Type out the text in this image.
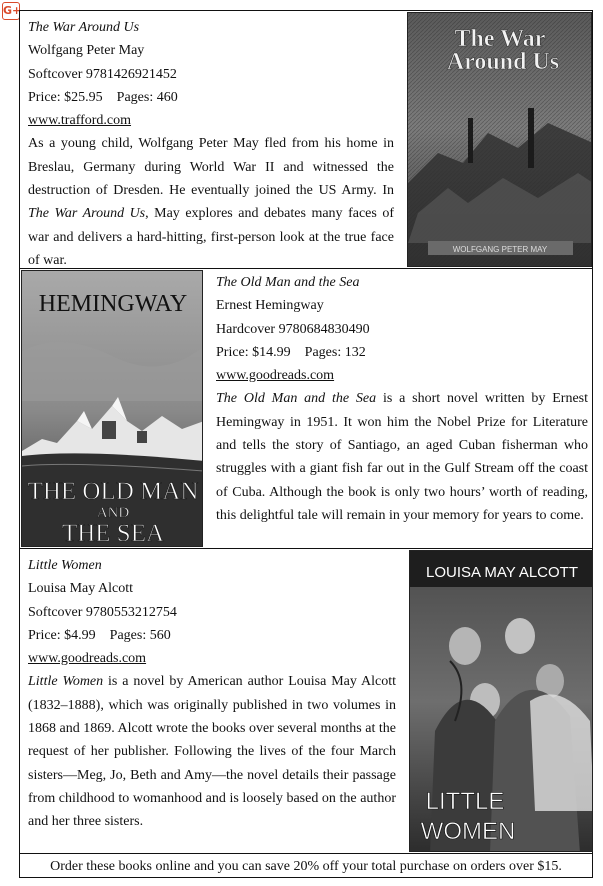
G+

The War Around Us

Wolfgang Peter May

Softcover 9781426921452

Price: $25.95 Pages: 460

www.trafford.com

As a young child, Wolfgang Peter May fled from his home in Breslau, Germany during World War II and witnessed the destruction of Dresden. He eventually joined the US Army. In The War Around Us, May explores and debates many faces of war and delivers a hard-hitting, first-person look at the true face of war.

The War
Around Us
WOLFGANG PETER MAY
HEMINGWAY
THE OLD MAN
AND
THE SEA

The Old Man and the Sea

Ernest Hemingway

Hardcover 9780684830490

Price: $14.99 Pages: 132

www.goodreads.com

The Old Man and the Sea is a short novel written by Ernest Hemingway in 1951. It won him the Nobel Prize for Literature and tells the story of Santiago, an aged Cuban fisherman who struggles with a giant fish far out in the Gulf Stream off the coast of Cuba. Although the book is only two hours’ worth of reading, this delightful tale will remain in your memory for years to come.

Little Women

Louisa May Alcott

Softcover 9780553212754

Price: $4.99 Pages: 560

www.goodreads.com

Little Women is a novel by American author Louisa May Alcott (1832–1888), which was originally published in two volumes in 1868 and 1869. Alcott wrote the books over several months at the request of her publisher. Following the lives of the four March sisters—Meg, Jo, Beth and Amy—the novel details their passage from childhood to womanhood and is loosely based on the author and her three sisters.

LOUISA MAY ALCOTT
LITTLE
WOMEN
Order these books online and you can save 20% off your total purchase on orders over $15.
